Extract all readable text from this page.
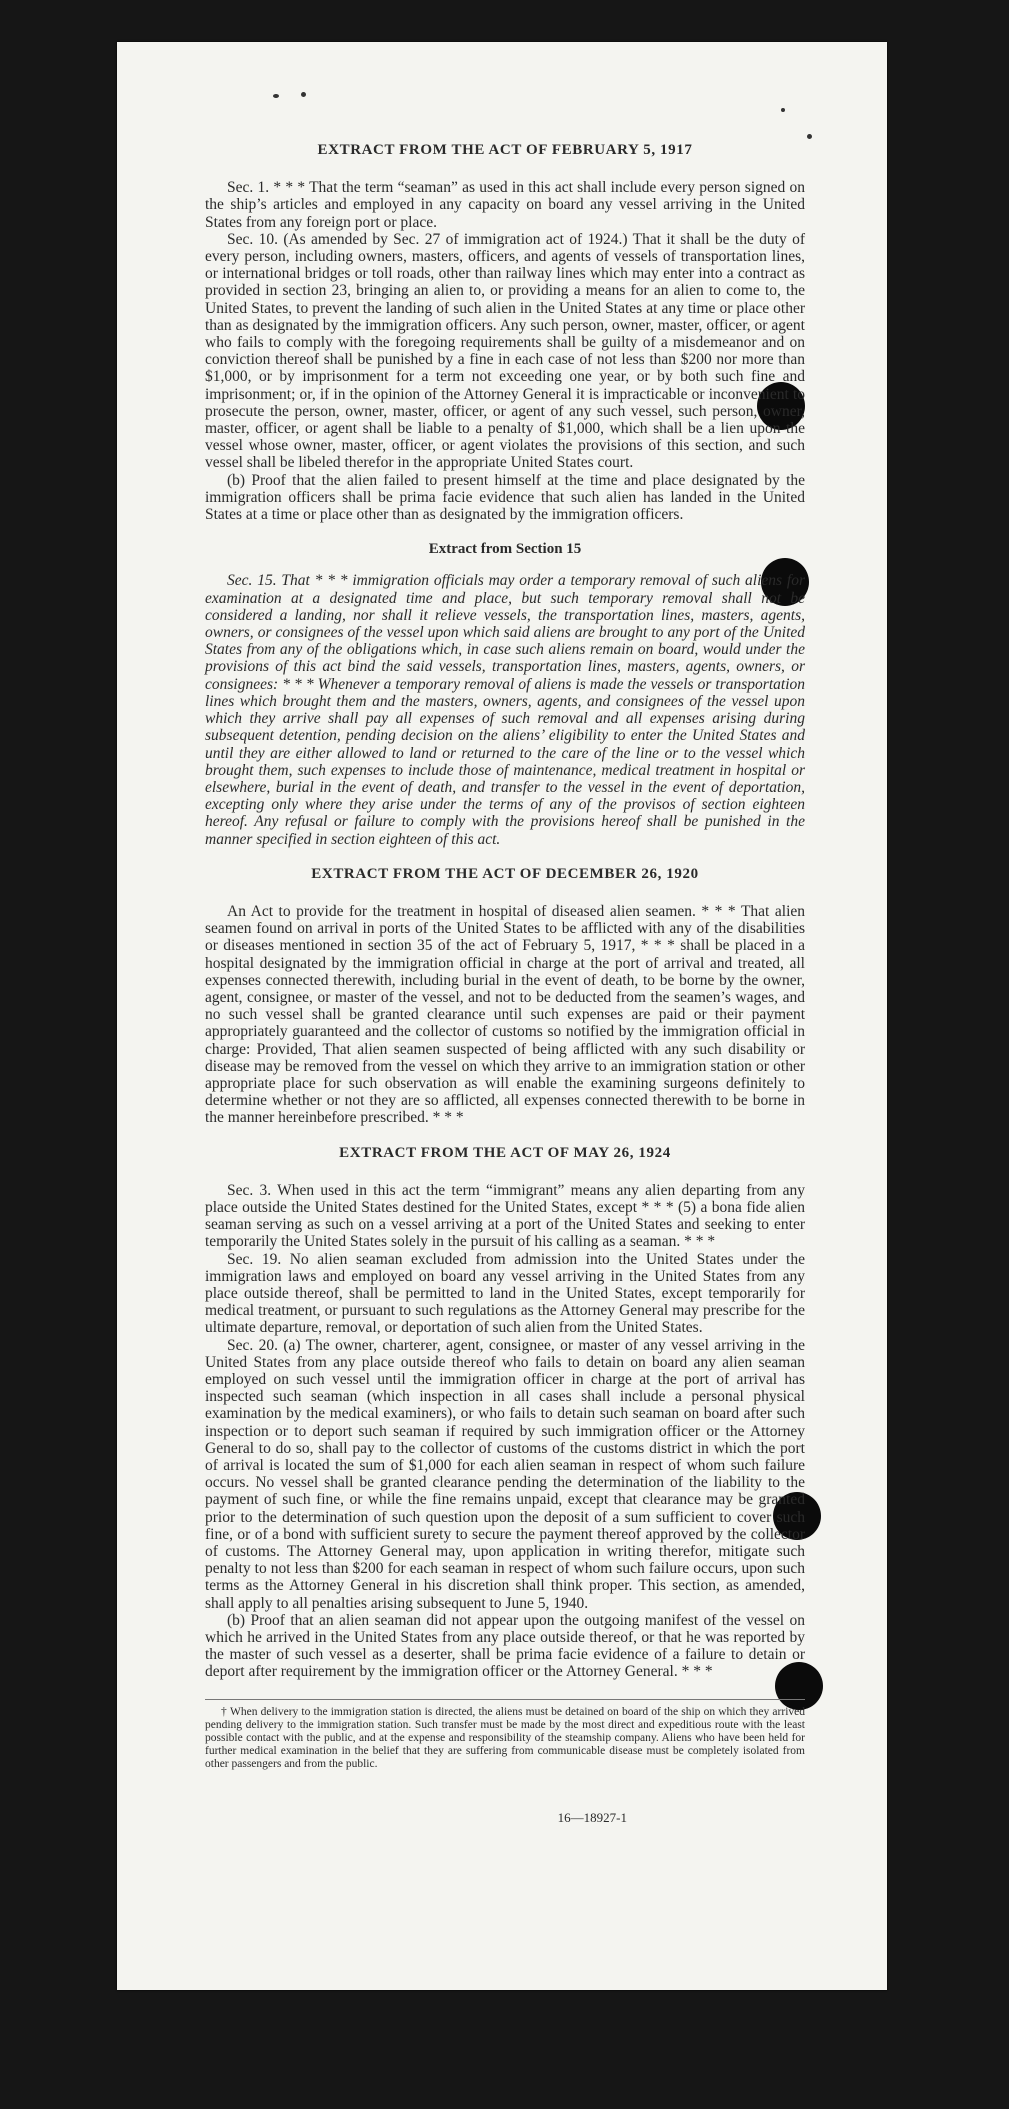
EXTRACT FROM THE ACT OF FEBRUARY 5, 1917

Sec. 1. * * * That the term “seaman” as used in this act shall include every person signed on the ship’s articles and employed in any capacity on board any vessel arriving in the United States from any foreign port or place.

Sec. 10. (As amended by Sec. 27 of immigration act of 1924.) That it shall be the duty of every person, including owners, masters, officers, and agents of vessels of transportation lines, or international bridges or toll roads, other than railway lines which may enter into a contract as provided in section 23, bringing an alien to, or providing a means for an alien to come to, the United States, to prevent the landing of such alien in the United States at any time or place other than as designated by the immigration officers. Any such person, owner, master, officer, or agent who fails to comply with the foregoing requirements shall be guilty of a misdemeanor and on conviction thereof shall be punished by a fine in each case of not less than $200 nor more than $1,000, or by imprisonment for a term not exceeding one year, or by both such fine and imprisonment; or, if in the opinion of the Attorney General it is impracticable or inconvenient to prosecute the person, owner, master, officer, or agent of any such vessel, such person, owner, master, officer, or agent shall be liable to a penalty of $1,000, which shall be a lien upon the vessel whose owner, master, officer, or agent violates the provisions of this section, and such vessel shall be libeled therefor in the appropriate United States court.

(b) Proof that the alien failed to present himself at the time and place designated by the immigration officers shall be prima facie evidence that such alien has landed in the United States at a time or place other than as designated by the immigration officers.

Extract from Section 15

Sec. 15. That * * * immigration officials may order a temporary removal of such aliens for examination at a designated time and place, but such temporary removal shall not be considered a landing, nor shall it relieve vessels, the transportation lines, masters, agents, owners, or consignees of the vessel upon which said aliens are brought to any port of the United States from any of the obligations which, in case such aliens remain on board, would under the provisions of this act bind the said vessels, transportation lines, masters, agents, owners, or consignees: * * * Whenever a temporary removal of aliens is made the vessels or transportation lines which brought them and the masters, owners, agents, and consignees of the vessel upon which they arrive shall pay all expenses of such removal and all expenses arising during subsequent detention, pending decision on the aliens’ eligibility to enter the United States and until they are either allowed to land or returned to the care of the line or to the vessel which brought them, such expenses to include those of maintenance, medical treatment in hospital or elsewhere, burial in the event of death, and transfer to the vessel in the event of deportation, excepting only where they arise under the terms of any of the provisos of section eighteen hereof. Any refusal or failure to comply with the provisions hereof shall be punished in the manner specified in section eighteen of this act.

EXTRACT FROM THE ACT OF DECEMBER 26, 1920

An Act to provide for the treatment in hospital of diseased alien seamen. * * * That alien seamen found on arrival in ports of the United States to be afflicted with any of the disabilities or diseases mentioned in section 35 of the act of February 5, 1917, * * * shall be placed in a hospital designated by the immigration official in charge at the port of arrival and treated, all expenses connected therewith, including burial in the event of death, to be borne by the owner, agent, consignee, or master of the vessel, and not to be deducted from the seamen’s wages, and no such vessel shall be granted clearance until such expenses are paid or their payment appropriately guaranteed and the collector of customs so notified by the immigration official in charge: Provided, That alien seamen suspected of being afflicted with any such disability or disease may be removed from the vessel on which they arrive to an immigration station or other appropriate place for such observation as will enable the examining surgeons definitely to determine whether or not they are so afflicted, all expenses connected therewith to be borne in the manner hereinbefore prescribed. * * *

EXTRACT FROM THE ACT OF MAY 26, 1924

Sec. 3. When used in this act the term “immigrant” means any alien departing from any place outside the United States destined for the United States, except * * * (5) a bona fide alien seaman serving as such on a vessel arriving at a port of the United States and seeking to enter temporarily the United States solely in the pursuit of his calling as a seaman. * * *

Sec. 19. No alien seaman excluded from admission into the United States under the immigration laws and employed on board any vessel arriving in the United States from any place outside thereof, shall be permitted to land in the United States, except temporarily for medical treatment, or pursuant to such regulations as the Attorney General may prescribe for the ultimate departure, removal, or deportation of such alien from the United States.

Sec. 20. (a) The owner, charterer, agent, consignee, or master of any vessel arriving in the United States from any place outside thereof who fails to detain on board any alien seaman employed on such vessel until the immigration officer in charge at the port of arrival has inspected such seaman (which inspection in all cases shall include a personal physical examination by the medical examiners), or who fails to detain such seaman on board after such inspection or to deport such seaman if required by such immigration officer or the Attorney General to do so, shall pay to the collector of customs of the customs district in which the port of arrival is located the sum of $1,000 for each alien seaman in respect of whom such failure occurs. No vessel shall be granted clearance pending the determination of the liability to the payment of such fine, or while the fine remains unpaid, except that clearance may be granted prior to the determination of such question upon the deposit of a sum sufficient to cover such fine, or of a bond with sufficient surety to secure the payment thereof approved by the collector of customs. The Attorney General may, upon application in writing therefor, mitigate such penalty to not less than $200 for each seaman in respect of whom such failure occurs, upon such terms as the Attorney General in his discretion shall think proper. This section, as amended, shall apply to all penalties arising subsequent to June 5, 1940.

(b) Proof that an alien seaman did not appear upon the outgoing manifest of the vessel on which he arrived in the United States from any place outside thereof, or that he was reported by the master of such vessel as a deserter, shall be prima facie evidence of a failure to detain or deport after requirement by the immigration officer or the Attorney General. * * *

† When delivery to the immigration station is directed, the aliens must be detained on board of the ship on which they arrived pending delivery to the immigration station. Such transfer must be made by the most direct and expeditious route with the least possible contact with the public, and at the expense and responsibility of the steamship company. Aliens who have been held for further medical examination in the belief that they are suffering from communicable disease must be completely isolated from other passengers and from the public.

16—18927-1
